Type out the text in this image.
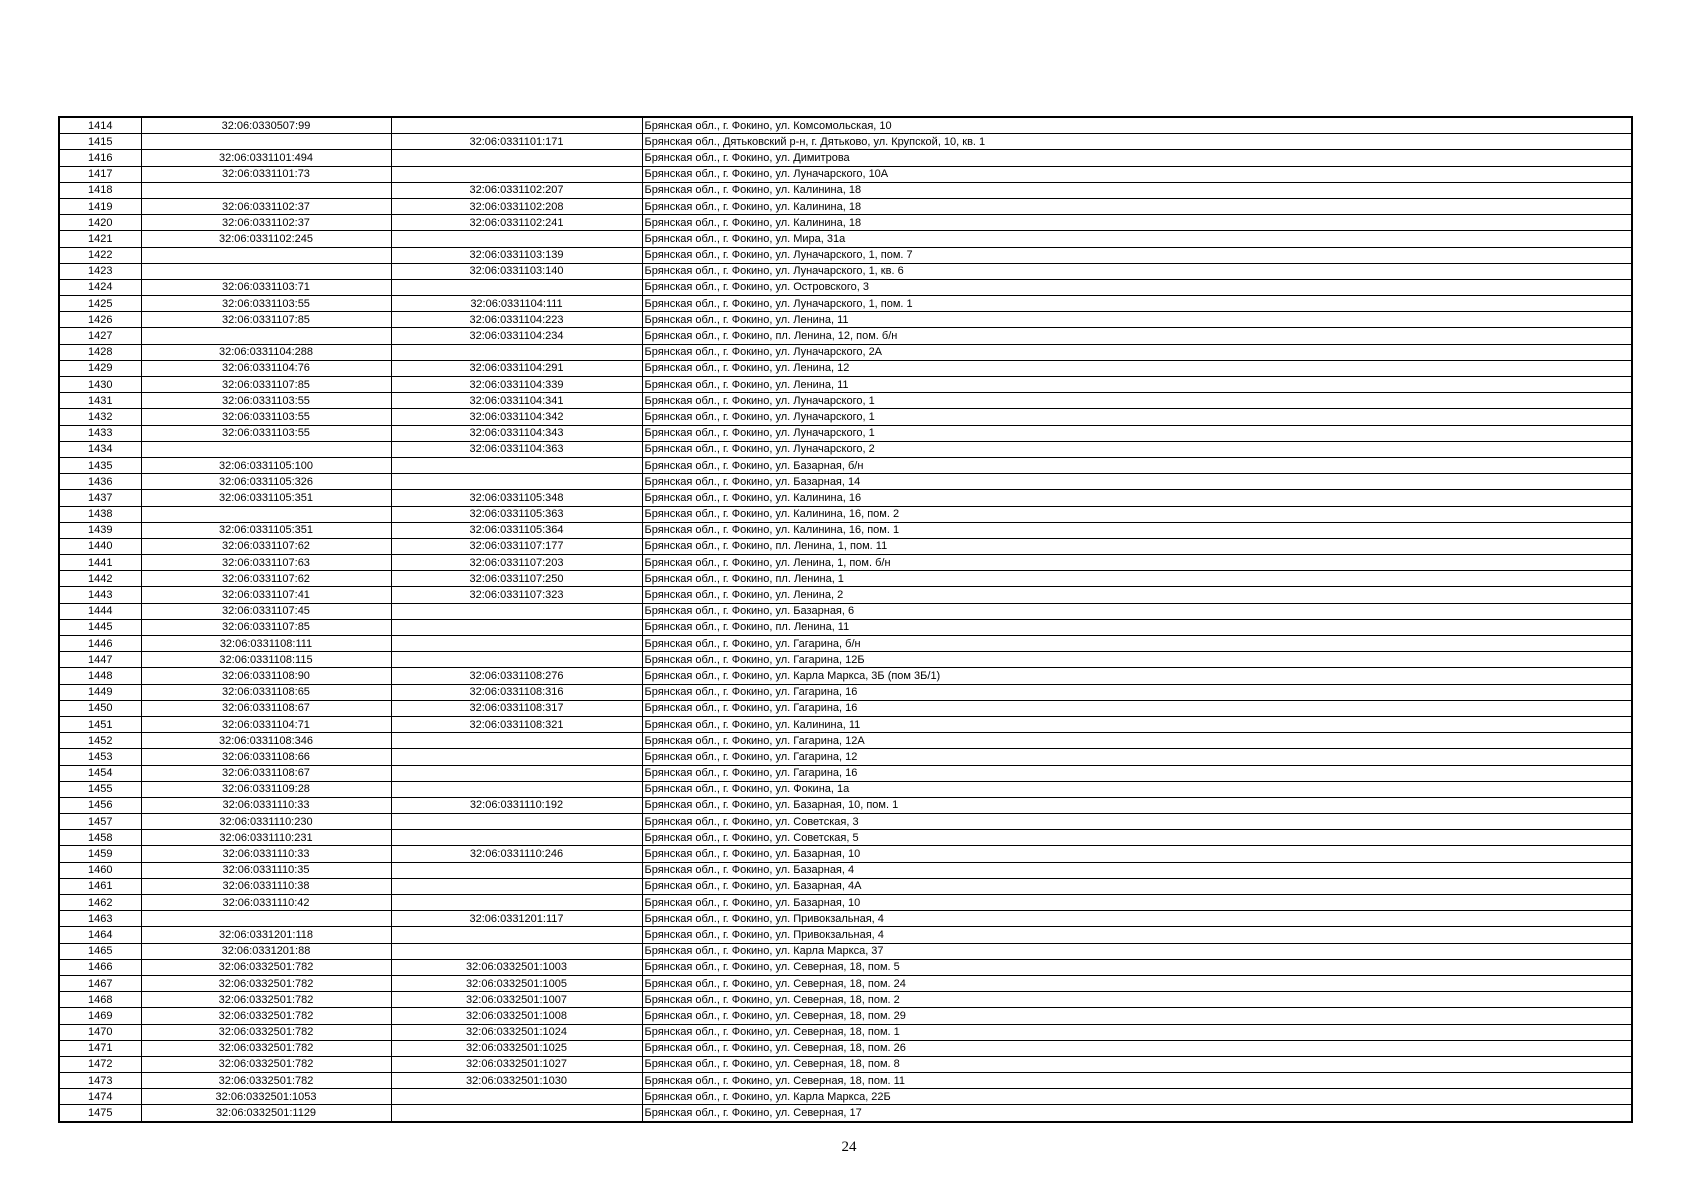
1414	32:06:0330507:99		Брянская обл., г. Фокино, ул. Комсомольская, 10
1415		32:06:0331101:171	Брянская обл., Дятьковский р-н, г. Дятьково, ул. Крупской, 10, кв. 1
1416	32:06:0331101:494		Брянская обл., г. Фокино, ул. Димитрова
1417	32:06:0331101:73		Брянская обл., г. Фокино, ул. Луначарского, 10А
1418		32:06:0331102:207	Брянская обл., г. Фокино, ул. Калинина, 18
1419	32:06:0331102:37	32:06:0331102:208	Брянская обл., г. Фокино, ул. Калинина, 18
1420	32:06:0331102:37	32:06:0331102:241	Брянская обл., г. Фокино, ул. Калинина, 18
1421	32:06:0331102:245		Брянская обл., г. Фокино, ул. Мира, 31а
1422		32:06:0331103:139	Брянская обл., г. Фокино, ул. Луначарского, 1, пом. 7
1423		32:06:0331103:140	Брянская обл., г. Фокино, ул. Луначарского, 1, кв. 6
1424	32:06:0331103:71		Брянская обл., г. Фокино, ул. Островского, 3
1425	32:06:0331103:55	32:06:0331104:111	Брянская обл., г. Фокино, ул. Луначарского, 1, пом. 1
1426	32:06:0331107:85	32:06:0331104:223	Брянская обл., г. Фокино, ул. Ленина, 11
1427		32:06:0331104:234	Брянская обл., г. Фокино, пл. Ленина, 12, пом. б/н
1428	32:06:0331104:288		Брянская обл., г. Фокино, ул. Луначарского, 2А
1429	32:06:0331104:76	32:06:0331104:291	Брянская обл., г. Фокино, ул. Ленина, 12
1430	32:06:0331107:85	32:06:0331104:339	Брянская обл., г. Фокино, ул. Ленина, 11
1431	32:06:0331103:55	32:06:0331104:341	Брянская обл., г. Фокино, ул. Луначарского, 1
1432	32:06:0331103:55	32:06:0331104:342	Брянская обл., г. Фокино, ул. Луначарского, 1
1433	32:06:0331103:55	32:06:0331104:343	Брянская обл., г. Фокино, ул. Луначарского, 1
1434		32:06:0331104:363	Брянская обл., г. Фокино, ул. Луначарского, 2
1435	32:06:0331105:100		Брянская обл., г. Фокино, ул. Базарная, б/н
1436	32:06:0331105:326		Брянская обл., г. Фокино, ул. Базарная, 14
1437	32:06:0331105:351	32:06:0331105:348	Брянская обл., г. Фокино, ул. Калинина, 16
1438		32:06:0331105:363	Брянская обл., г. Фокино, ул. Калинина, 16, пом. 2
1439	32:06:0331105:351	32:06:0331105:364	Брянская обл., г. Фокино, ул. Калинина, 16, пом. 1
1440	32:06:0331107:62	32:06:0331107:177	Брянская обл., г. Фокино, пл. Ленина, 1, пом. 11
1441	32:06:0331107:63	32:06:0331107:203	Брянская обл., г. Фокино, ул. Ленина, 1, пом. б/н
1442	32:06:0331107:62	32:06:0331107:250	Брянская обл., г. Фокино, пл. Ленина, 1
1443	32:06:0331107:41	32:06:0331107:323	Брянская обл., г. Фокино, ул. Ленина, 2
1444	32:06:0331107:45		Брянская обл., г. Фокино, ул. Базарная, 6
1445	32:06:0331107:85		Брянская обл., г. Фокино, пл. Ленина, 11
1446	32:06:0331108:111		Брянская обл., г. Фокино, ул. Гагарина, б/н
1447	32:06:0331108:115		Брянская обл., г. Фокино, ул. Гагарина, 12Б
1448	32:06:0331108:90	32:06:0331108:276	Брянская обл., г. Фокино, ул. Карла Маркса, 3Б (пом 3Б/1)
1449	32:06:0331108:65	32:06:0331108:316	Брянская обл., г. Фокино, ул. Гагарина, 16
1450	32:06:0331108:67	32:06:0331108:317	Брянская обл., г. Фокино, ул. Гагарина, 16
1451	32:06:0331104:71	32:06:0331108:321	Брянская обл., г. Фокино, ул. Калинина, 11
1452	32:06:0331108:346		Брянская обл., г. Фокино, ул. Гагарина, 12А
1453	32:06:0331108:66		Брянская обл., г. Фокино, ул. Гагарина, 12
1454	32:06:0331108:67		Брянская обл., г. Фокино, ул. Гагарина, 16
1455	32:06:0331109:28		Брянская обл., г. Фокино, ул. Фокина, 1а
1456	32:06:0331110:33	32:06:0331110:192	Брянская обл., г. Фокино, ул. Базарная, 10, пом. 1
1457	32:06:0331110:230		Брянская обл., г. Фокино, ул. Советская, 3
1458	32:06:0331110:231		Брянская обл., г. Фокино, ул. Советская, 5
1459	32:06:0331110:33	32:06:0331110:246	Брянская обл., г. Фокино, ул. Базарная, 10
1460	32:06:0331110:35		Брянская обл., г. Фокино, ул. Базарная, 4
1461	32:06:0331110:38		Брянская обл., г. Фокино, ул. Базарная, 4А
1462	32:06:0331110:42		Брянская обл., г. Фокино, ул. Базарная, 10
1463		32:06:0331201:117	Брянская обл., г. Фокино, ул. Привокзальная, 4
1464	32:06:0331201:118		Брянская обл., г. Фокино, ул. Привокзальная, 4
1465	32:06:0331201:88		Брянская обл., г. Фокино, ул. Карла Маркса, 37
1466	32:06:0332501:782	32:06:0332501:1003	Брянская обл., г. Фокино, ул. Северная, 18, пом. 5
1467	32:06:0332501:782	32:06:0332501:1005	Брянская обл., г. Фокино, ул. Северная, 18, пом. 24
1468	32:06:0332501:782	32:06:0332501:1007	Брянская обл., г. Фокино, ул. Северная, 18, пом. 2
1469	32:06:0332501:782	32:06:0332501:1008	Брянская обл., г. Фокино, ул. Северная, 18, пом. 29
1470	32:06:0332501:782	32:06:0332501:1024	Брянская обл., г. Фокино, ул. Северная, 18, пом. 1
1471	32:06:0332501:782	32:06:0332501:1025	Брянская обл., г. Фокино, ул. Северная, 18, пом. 26
1472	32:06:0332501:782	32:06:0332501:1027	Брянская обл., г. Фокино, ул. Северная, 18, пом. 8
1473	32:06:0332501:782	32:06:0332501:1030	Брянская обл., г. Фокино, ул. Северная, 18, пом. 11
1474	32:06:0332501:1053		Брянская обл., г. Фокино, ул. Карла Маркса, 22Б
1475	32:06:0332501:1129		Брянская обл., г. Фокино, ул. Северная, 17
24
